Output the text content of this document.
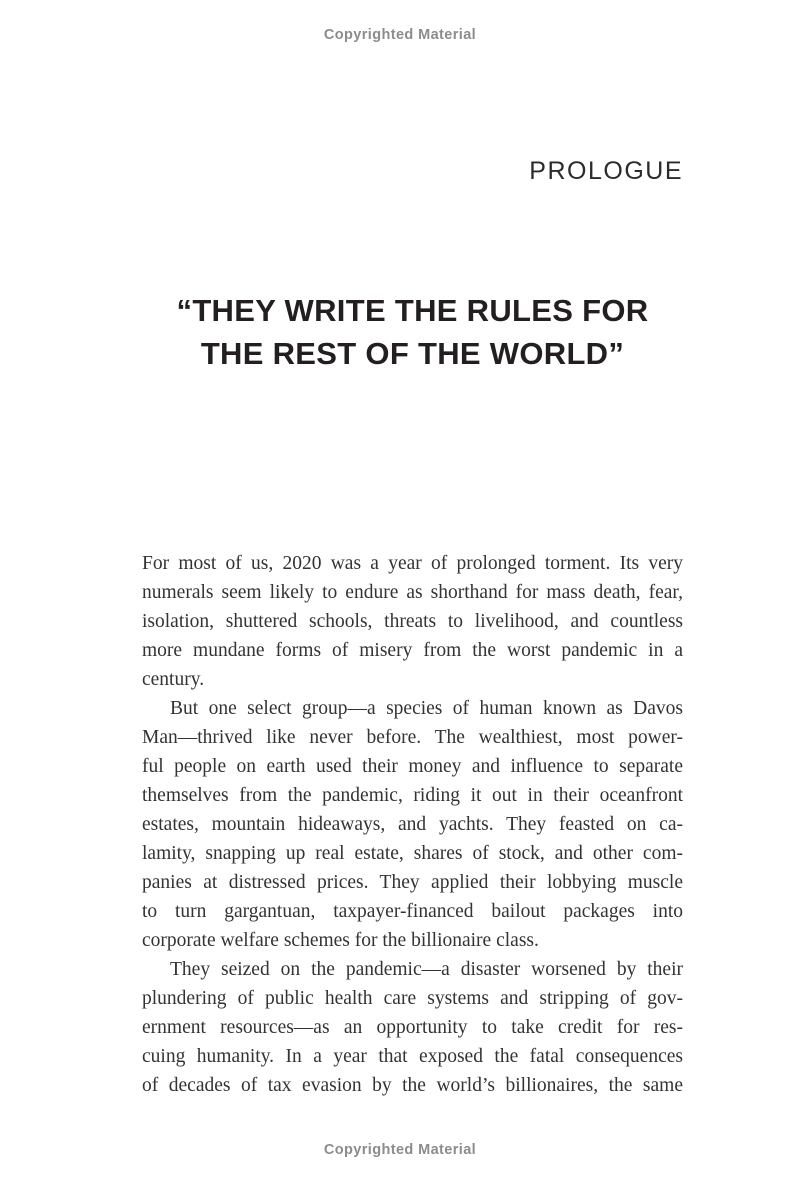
Copyrighted Material
PROLOGUE
“THEY WRITE THE RULES FOR
THE REST OF THE WORLD”
For most of us, 2020 was a year of prolonged torment. Its very
numerals seem likely to endure as shorthand for mass death, fear,
isolation, shuttered schools, threats to livelihood, and countless
more mundane forms of misery from the worst pandemic in a
century.
But one select group—a species of human known as Davos
Man—thrived like never before. The wealthiest, most power-
ful people on earth used their money and influence to separate
themselves from the pandemic, riding it out in their oceanfront
estates, mountain hideaways, and yachts. They feasted on ca-
lamity, snapping up real estate, shares of stock, and other com-
panies at distressed prices. They applied their lobbying muscle
to turn gargantuan, taxpayer-financed bailout packages into
corporate welfare schemes for the billionaire class.
They seized on the pandemic—a disaster worsened by their
plundering of public health care systems and stripping of gov-
ernment resources—as an opportunity to take credit for res-
cuing humanity. In a year that exposed the fatal consequences
of decades of tax evasion by the world’s billionaires, the same
Copyrighted Material
